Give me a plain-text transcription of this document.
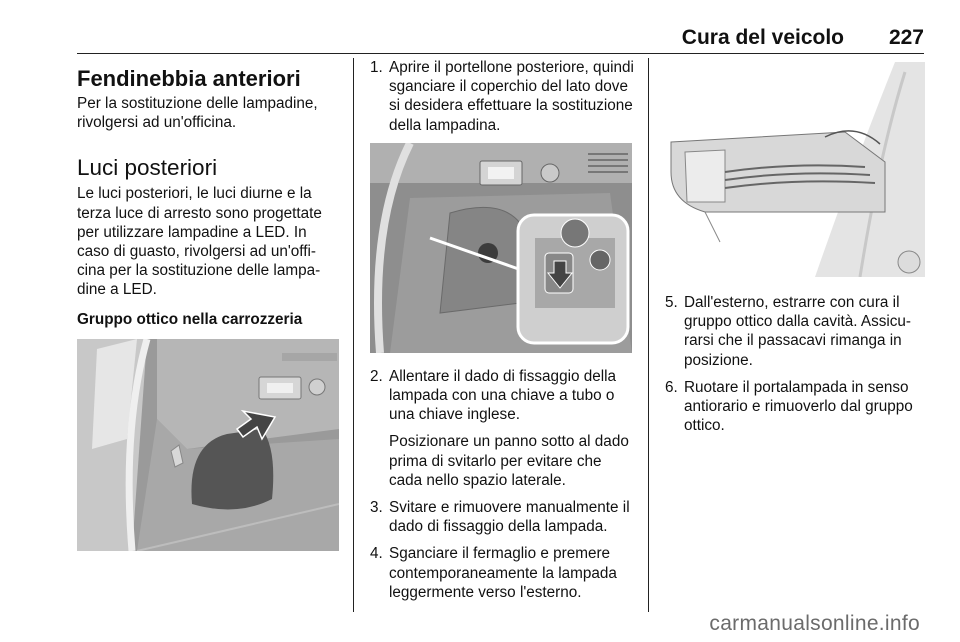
Cura del veicolo 227
Fendinebbia anteriori

Per la sostituzione delle lampadine, rivolgersi ad un'officina.

Luci posteriori

Le luci posteriori, le luci diurne e la terza luce di arresto sono progettate per utilizzare lampadine a LED. In caso di guasto, rivolgersi ad un'offi-cina per la sostituzione delle lampa-dine a LED.

Gruppo ottico nella carrozzeria
1. Aprire il portellone posteriore, quindi sganciare il coperchio del lato dove si desidera effettuare la sostituzione della lampadina.
2. Allentare il dado di fissaggio della lampada con una chiave a tubo o una chiave inglese.
Posizionare un panno sotto al dado prima di svitarlo per evitare che cada nello spazio laterale.
3. Svitare e rimuovere manualmente il dado di fissaggio della lampada.
4. Sganciare il fermaglio e premere contemporaneamente la lampada leggermente verso l'esterno.
5. Dall'esterno, estrarre con cura il gruppo ottico dalla cavità. Assicu-rarsi che il passacavi rimanga in posizione.
6. Ruotare il portalampada in senso antiorario e rimuoverlo dal gruppo ottico.
carmanualsonline.info
